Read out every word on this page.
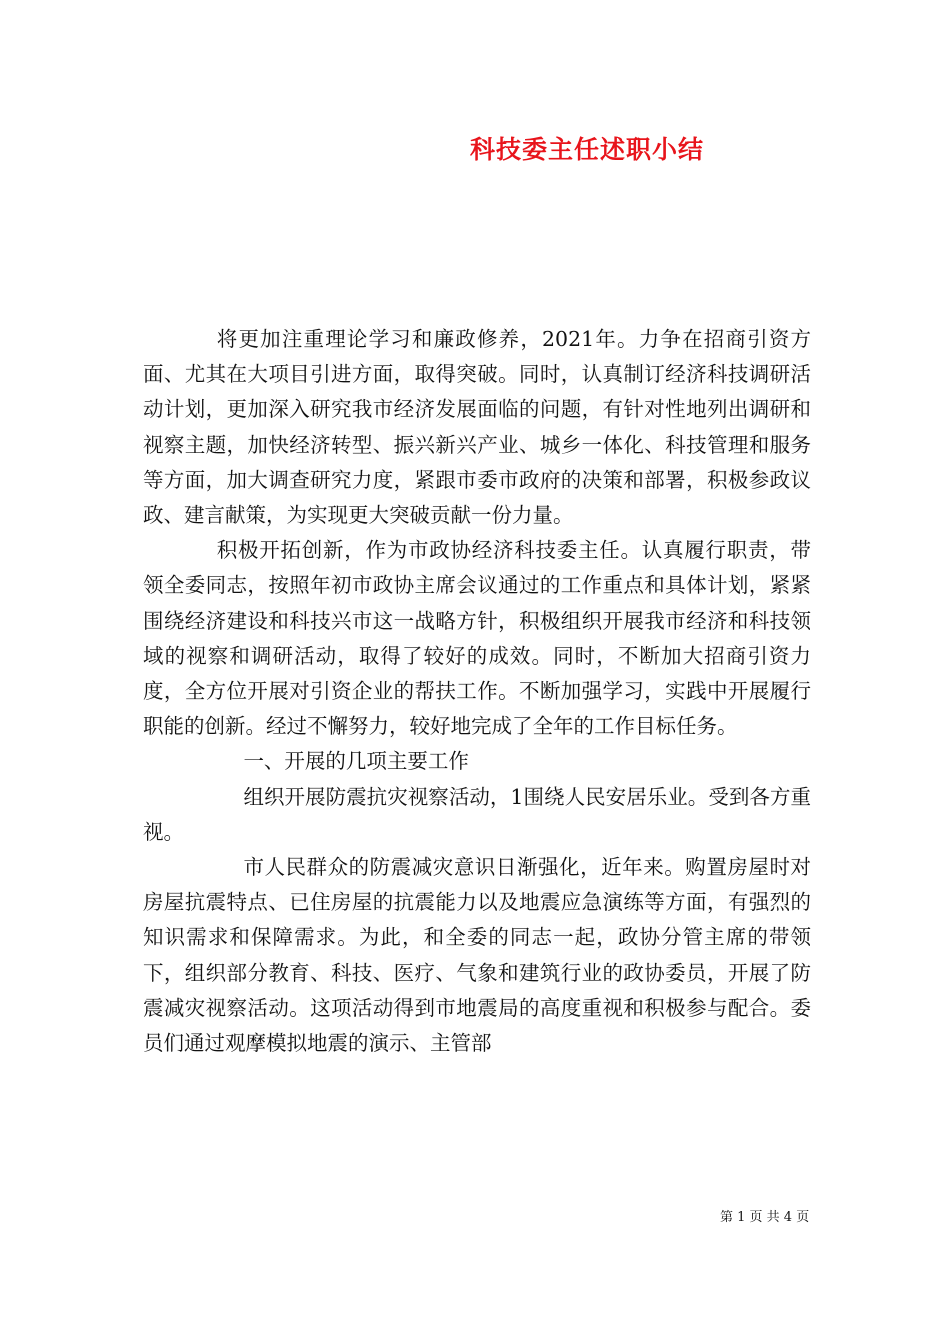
科技委主任述职小结

将更加注重理论学习和廉政修养，2021年。力争在招商引资方面、尤其在大项目引进方面，取得突破。同时，认真制订经济科技调研活动计划，更加深入研究我市经济发展面临的问题，有针对性地列出调研和视察主题，加快经济转型、振兴新兴产业、城乡一体化、科技管理和服务等方面，加大调查研究力度，紧跟市委市政府的决策和部署，积极参政议政、建言献策，为实现更大突破贡献一份力量。

积极开拓创新，作为市政协经济科技委主任。认真履行职责，带领全委同志，按照年初市政协主席会议通过的工作重点和具体计划，紧紧围绕经济建设和科技兴市这一战略方针，积极组织开展我市经济和科技领域的视察和调研活动，取得了较好的成效。同时，不断加大招商引资力度，全方位开展对引资企业的帮扶工作。不断加强学习，实践中开展履行职能的创新。经过不懈努力，较好地完成了全年的工作目标任务。

一、开展的几项主要工作

组织开展防震抗灾视察活动，1围绕人民安居乐业。受到各方重视。

市人民群众的防震减灾意识日渐强化，近年来。购置房屋时对房屋抗震特点、已住房屋的抗震能力以及地震应急演练等方面，有强烈的知识需求和保障需求。为此，和全委的同志一起，政协分管主席的带领下，组织部分教育、科技、医疗、气象和建筑行业的政协委员，开展了防震减灾视察活动。这项活动得到市地震局的高度重视和积极参与配合。委员们通过观摩模拟地震的演示、主管部

第 1 页 共 4 页
